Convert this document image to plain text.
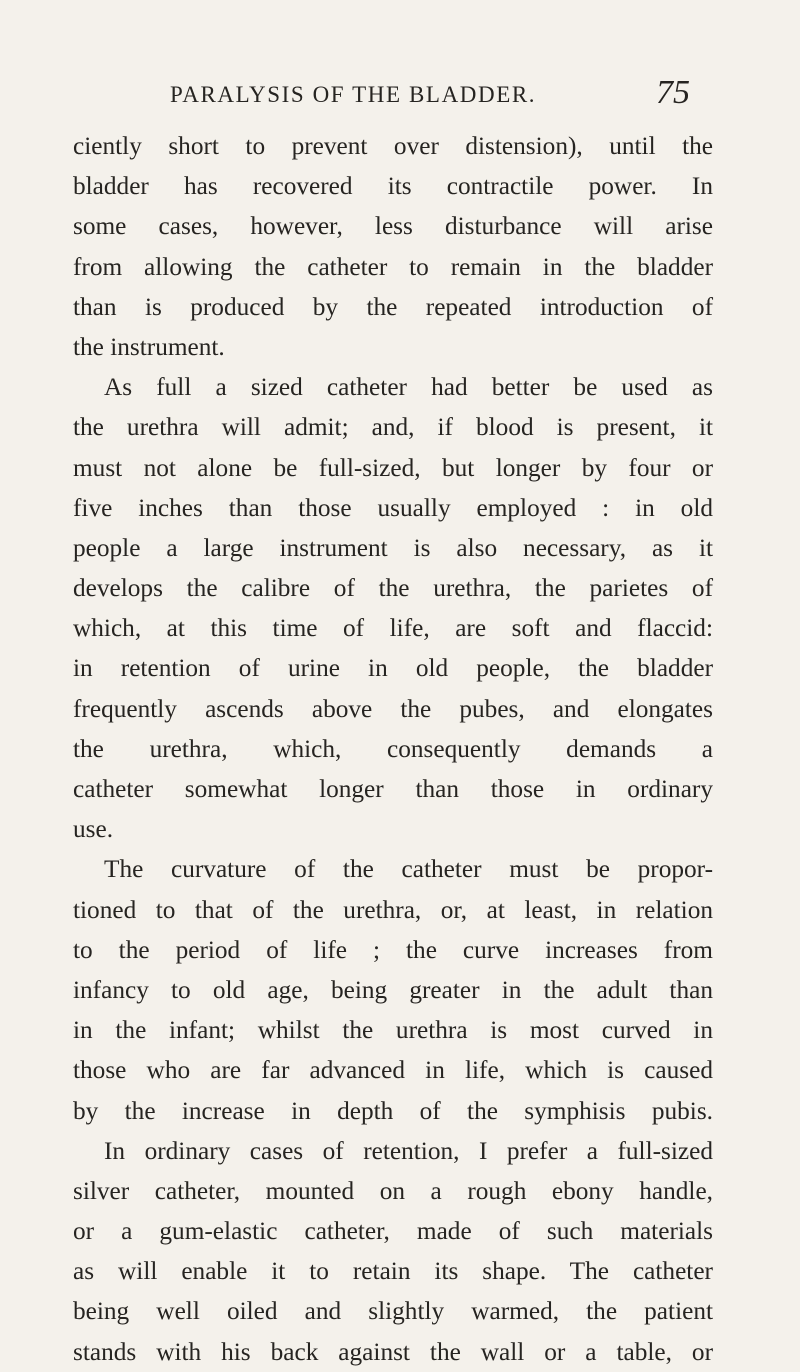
PARALYSIS OF THE BLADDER.	75
ciently short to prevent over distension), until the
bladder has recovered its contractile power. In
some cases, however, less disturbance will arise
from allowing the catheter to remain in the bladder
than is produced by the repeated introduction of
the instrument.
As full a sized catheter had better be used as
the urethra will admit; and, if blood is present, it
must not alone be full-sized, but longer by four or
five inches than those usually employed : in old
people a large instrument is also necessary, as it
develops the calibre of the urethra, the parietes of
which, at this time of life, are soft and flaccid:
in retention of urine in old people, the bladder
frequently ascends above the pubes, and elongates
the urethra, which, consequently demands a
catheter somewhat longer than those in ordinary
use.
The curvature of the catheter must be propor-
tioned to that of the urethra, or, at least, in relation
to the period of life ; the curve increases from
infancy to old age, being greater in the adult than
in the infant; whilst the urethra is most curved in
those who are far advanced in life, which is caused
by the increase in depth of the symphisis pubis.
In ordinary cases of retention, I prefer a full-sized
silver catheter, mounted on a rough ebony handle,
or a gum-elastic catheter, made of such materials
as will enable it to retain its shape. The catheter
being well oiled and slightly warmed, the patient
stands with his back against the wall or a table, or
